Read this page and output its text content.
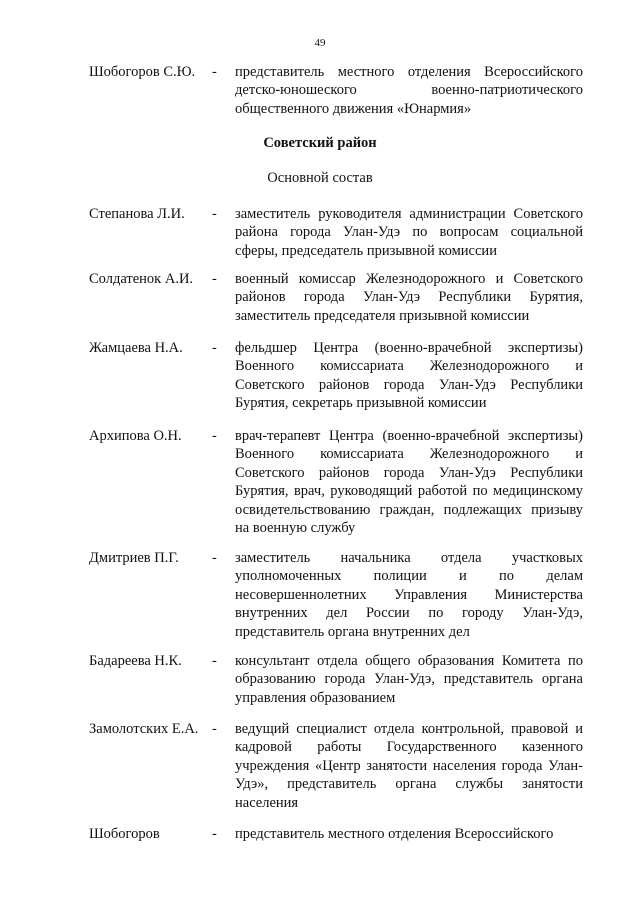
49
Шобогоров С.Ю.	- представитель местного отделения Всероссийского детско-юношеского военно-патриотического общественного движения «Юнармия»
Советский район
Основной состав
Степанова Л.И.	- заместитель руководителя администрации Советского района города Улан-Удэ по вопросам социальной сферы, председатель призывной комиссии
Солдатенок А.И.	- военный комиссар Железнодорожного и Советского районов города Улан-Удэ Республики Бурятия, заместитель председателя призывной комиссии
Жамцаева Н.А.	- фельдшер Центра (военно-врачебной экспертизы) Военного комиссариата Железнодорожного и Советского районов города Улан-Удэ Республики Бурятия, секретарь призывной комиссии
Архипова О.Н.	- врач-терапевт Центра (военно-врачебной экспертизы) Военного комиссариата Железнодорожного и Советского районов города Улан-Удэ Республики Бурятия, врач, руководящий работой по медицинскому освидетельствованию граждан, подлежащих призыву на военную службу
Дмитриев П.Г.	- заместитель начальника отдела участковых уполномоченных полиции и по делам несовершеннолетних Управления Министерства внутренних дел России по городу Улан-Удэ, представитель органа внутренних дел
Бадареева Н.К.	- консультант отдела общего образования Комитета по образованию города Улан-Удэ, представитель органа управления образованием
Замолотских Е.А. - ведущий специалист отдела контрольной, правовой и кадровой работы Государственного казенного учреждения «Центр занятости населения города Улан-Удэ», представитель органа службы занятости населения
Шобогоров	- представитель местного отделения Всероссийского
